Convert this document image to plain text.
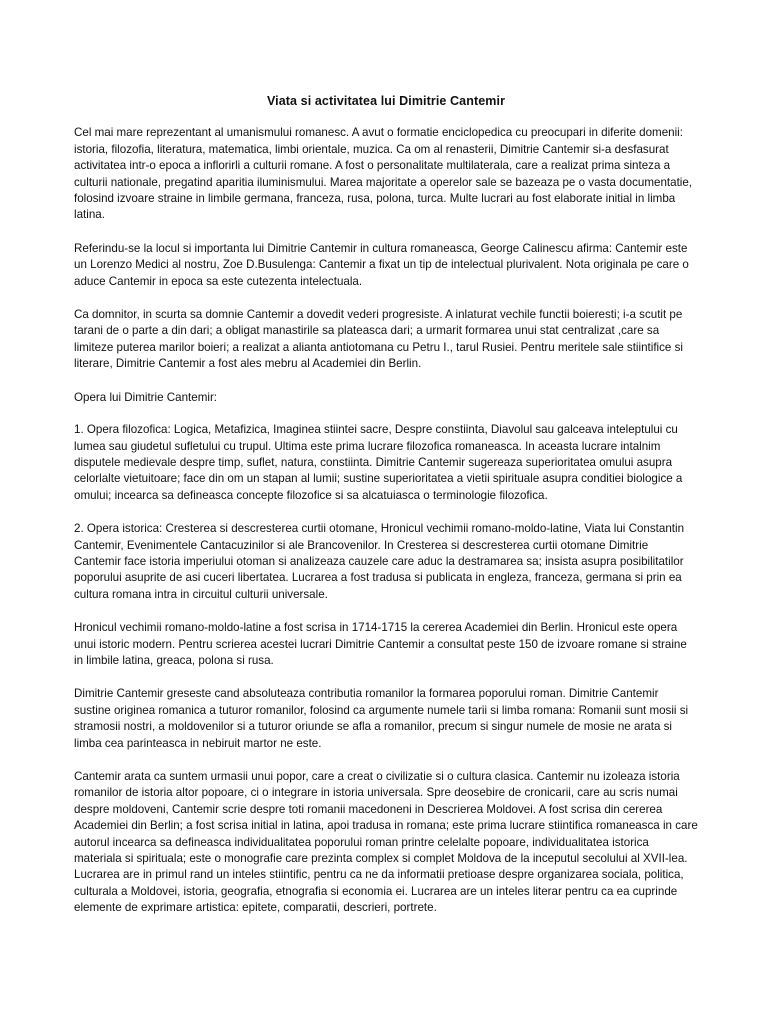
Viata si activitatea lui Dimitrie Cantemir

Cel mai mare reprezentant al umanismului romanesc. A avut o formatie enciclopedica cu preocupari in diferite domenii: istoria, filozofia, literatura, matematica, limbi orientale, muzica. Ca om al renasterii, Dimitrie Cantemir si-a desfasurat activitatea intr-o epoca a inflorirli a culturii romane. A fost o personalitate multilaterala, care a realizat prima sinteza a culturii nationale, pregatind aparitia iluminismului. Marea majoritate a operelor sale se bazeaza pe o vasta documentatie, folosind izvoare straine in limbile germana, franceza, rusa, polona, turca. Multe lucrari au fost elaborate initial in limba latina.

Referindu-se la locul si importanta lui Dimitrie Cantemir in cultura romaneasca, George Calinescu afirma: Cantemir este un Lorenzo Medici al nostru, Zoe D.Busulenga: Cantemir a fixat un tip de intelectual plurivalent. Nota originala pe care o aduce Cantemir in epoca sa este cutezenta intelectuala.

Ca domnitor, in scurta sa domnie Cantemir a dovedit vederi progresiste. A inlaturat vechile functii boieresti; i-a scutit pe tarani de o parte a din dari; a obligat manastirile sa plateasca dari; a urmarit formarea unui stat centralizat ,care sa limiteze puterea marilor boieri; a realizat a alianta antiotomana cu Petru I., tarul Rusiei. Pentru meritele sale stiintifice si literare, Dimitrie Cantemir a fost ales mebru al Academiei din Berlin.

Opera lui Dimitrie Cantemir:

1. Opera filozofica: Logica, Metafizica, Imaginea stiintei sacre, Despre constiinta, Diavolul sau galceava inteleptului cu lumea sau giudetul sufletului cu trupul. Ultima este prima lucrare filozofica romaneasca. In aceasta lucrare intalnim disputele medievale despre timp, suflet, natura, constiinta. Dimitrie Cantemir sugereaza superioritatea omului asupra celorlalte vietuitoare; face din om un stapan al lumii; sustine superioritatea a vietii spirituale asupra conditiei biologice a omului; incearca sa defineasca concepte filozofice si sa alcatuiasca o terminologie filozofica.

2. Opera istorica: Cresterea si descresterea curtii otomane, Hronicul vechimii romano-moldo-latine, Viata lui Constantin Cantemir, Evenimentele Cantacuzinilor si ale Brancovenilor. In Cresterea si descresterea curtii otomane Dimitrie Cantemir face istoria imperiului otoman si analizeaza cauzele care aduc la destramarea sa; insista asupra posibilitatilor poporului asuprite de asi cuceri libertatea. Lucrarea a fost tradusa si publicata in engleza, franceza, germana si prin ea cultura romana intra in circuitul culturii universale.

Hronicul vechimii romano-moldo-latine a fost scrisa in 1714-1715 la cererea Academiei din Berlin. Hronicul este opera unui istoric modern. Pentru scrierea acestei lucrari Dimitrie Cantemir a consultat peste 150 de izvoare romane si straine in limbile latina, greaca, polona si rusa.

Dimitrie Cantemir greseste cand absoluteaza contributia romanilor la formarea poporului roman. Dimitrie Cantemir sustine originea romanica a tuturor romanilor, folosind ca argumente numele tarii si limba romana: Romanii sunt mosii si stramosii nostri, a moldovenilor si a tuturor oriunde se afla a romanilor, precum si singur numele de mosie ne arata si limba cea parinteasca in nebiruit martor ne este.

Cantemir arata ca suntem urmasii unui popor, care a creat o civilizatie si o cultura clasica. Cantemir nu izoleaza istoria romanilor de istoria altor popoare, ci o integrare in istoria universala. Spre deosebire de cronicarii, care au scris numai despre moldoveni, Cantemir scrie despre toti romanii macedoneni in Descrierea Moldovei. A fost scrisa din cererea Academiei din Berlin; a fost scrisa initial in latina, apoi tradusa in romana; este prima lucrare stiintifica romaneasca in care autorul incearca sa defineasca individualitatea poporului roman printre celelalte popoare, individualitatea istorica materiala si spirituala; este o monografie care prezinta complex si complet Moldova de la inceputul secolului al XVII-lea. Lucrarea are in primul rand un inteles stiintific, pentru ca ne da informatii pretioase despre organizarea sociala, politica, culturala a Moldovei, istoria, geografia, etnografia si economia ei. Lucrarea are un inteles literar pentru ca ea cuprinde elemente de exprimare artistica: epitete, comparatii, descrieri, portrete.
